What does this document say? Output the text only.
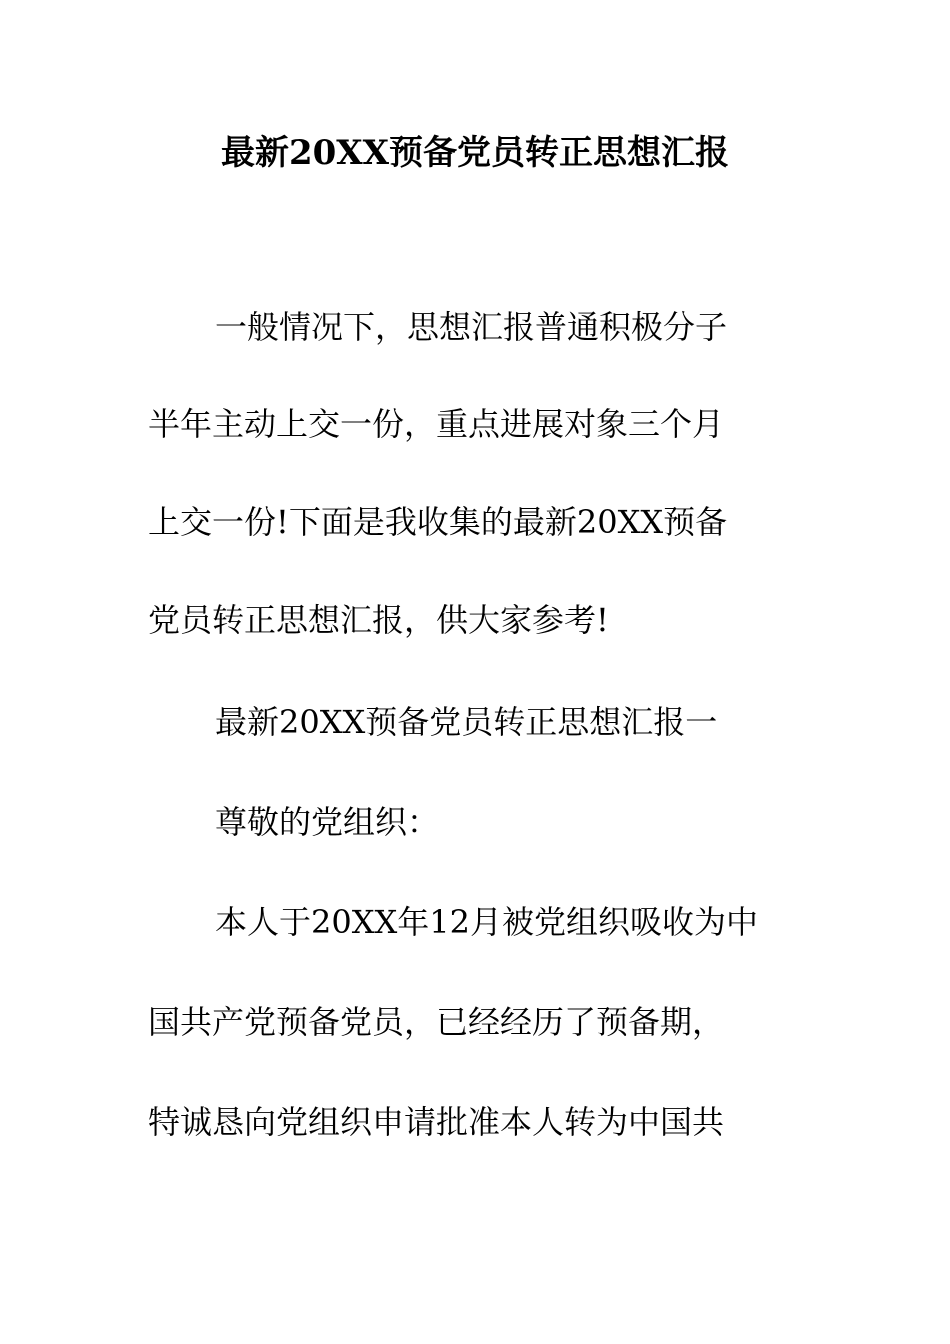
最新20XX预备党员转正思想汇报
一般情况下，思想汇报普通积极分子
半年主动上交一份，重点进展对象三个月
上交一份!下面是我收集的最新20XX预备
党员转正思想汇报，供大家参考!
最新20XX预备党员转正思想汇报一
尊敬的党组织：
本人于20XX年12月被党组织吸收为中
国共产党预备党员，已经经历了预备期，
特诚恳向党组织申请批准本人转为中国共
